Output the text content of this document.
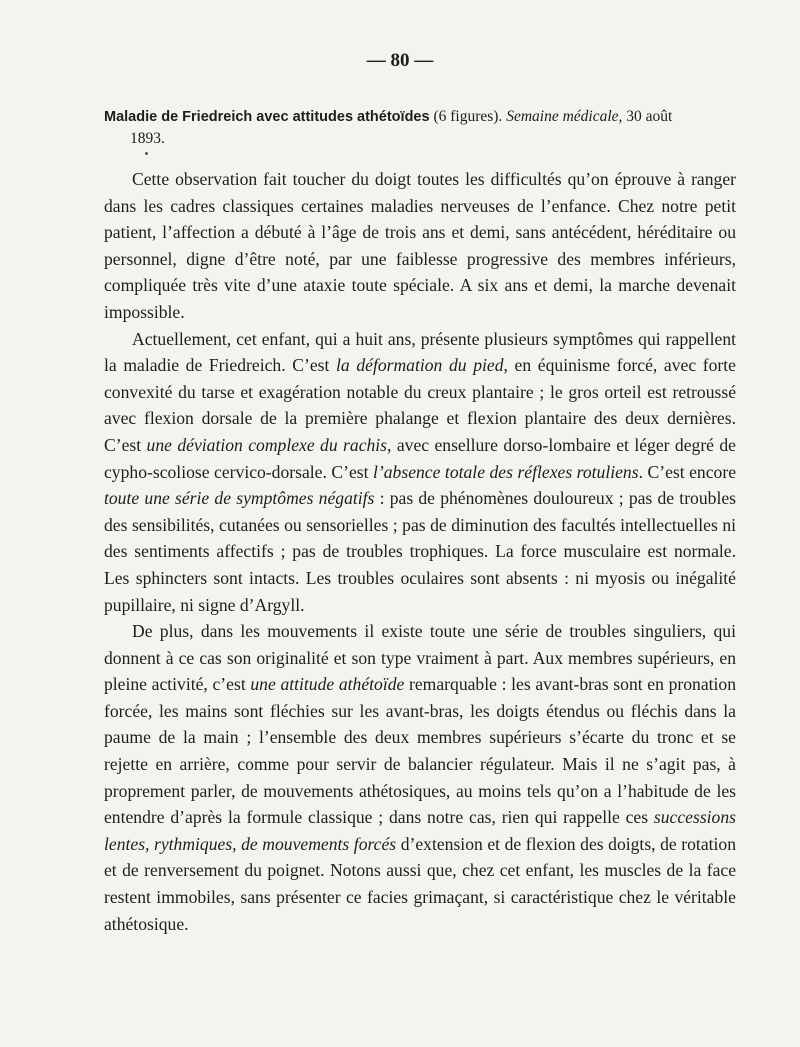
— 80 —
Maladie de Friedreich avec attitudes athétoïdes (6 figures). Semaine médicale, 30 août
1893.

Cette observation fait toucher du doigt toutes les difficultés qu’on éprouve à ranger dans les cadres classiques certaines maladies nerveuses de l’enfance. Chez notre petit patient, l’affection a débuté à l’âge de trois ans et demi, sans antécédent, héréditaire ou personnel, digne d’être noté, par une faiblesse progressive des membres inférieurs, compliquée très vite d’une ataxie toute spéciale. A six ans et demi, la marche devenait impossible.

Actuellement, cet enfant, qui a huit ans, présente plusieurs symptômes qui rappellent la maladie de Friedreich. C’est la déformation du pied, en équinisme forcé, avec forte convexité du tarse et exagération notable du creux plantaire ; le gros orteil est retroussé avec flexion dorsale de la première phalange et flexion plantaire des deux dernières. C’est une déviation complexe du rachis, avec ensellure dorso-lombaire et léger degré de cypho-scoliose cervico-dorsale. C’est l’absence totale des réflexes rotuliens. C’est encore toute une série de symptômes négatifs : pas de phénomènes douloureux ; pas de troubles des sensibilités, cutanées ou sensorielles ; pas de diminution des facultés intellectuelles ni des sentiments affectifs ; pas de troubles trophiques. La force musculaire est normale. Les sphincters sont intacts. Les troubles oculaires sont absents : ni myosis ou inégalité pupillaire, ni signe d’Argyll.

De plus, dans les mouvements il existe toute une série de troubles singuliers, qui donnent à ce cas son originalité et son type vraiment à part. Aux membres supérieurs, en pleine activité, c’est une attitude athétoïde remarquable : les avant-bras sont en pronation forcée, les mains sont fléchies sur les avant-bras, les doigts étendus ou fléchis dans la paume de la main ; l’ensemble des deux membres supérieurs s’écarte du tronc et se rejette en arrière, comme pour servir de balancier régulateur. Mais il ne s’agit pas, à proprement parler, de mouvements athétosiques, au moins tels qu’on a l’habitude de les entendre d’après la formule classique ; dans notre cas, rien qui rappelle ces successions lentes, rythmiques, de mouvements forcés d’extension et de flexion des doigts, de rotation et de renversement du poignet. Notons aussi que, chez cet enfant, les muscles de la face restent immobiles, sans présenter ce facies grimaçant, si caractéristique chez le véritable athétosique.
